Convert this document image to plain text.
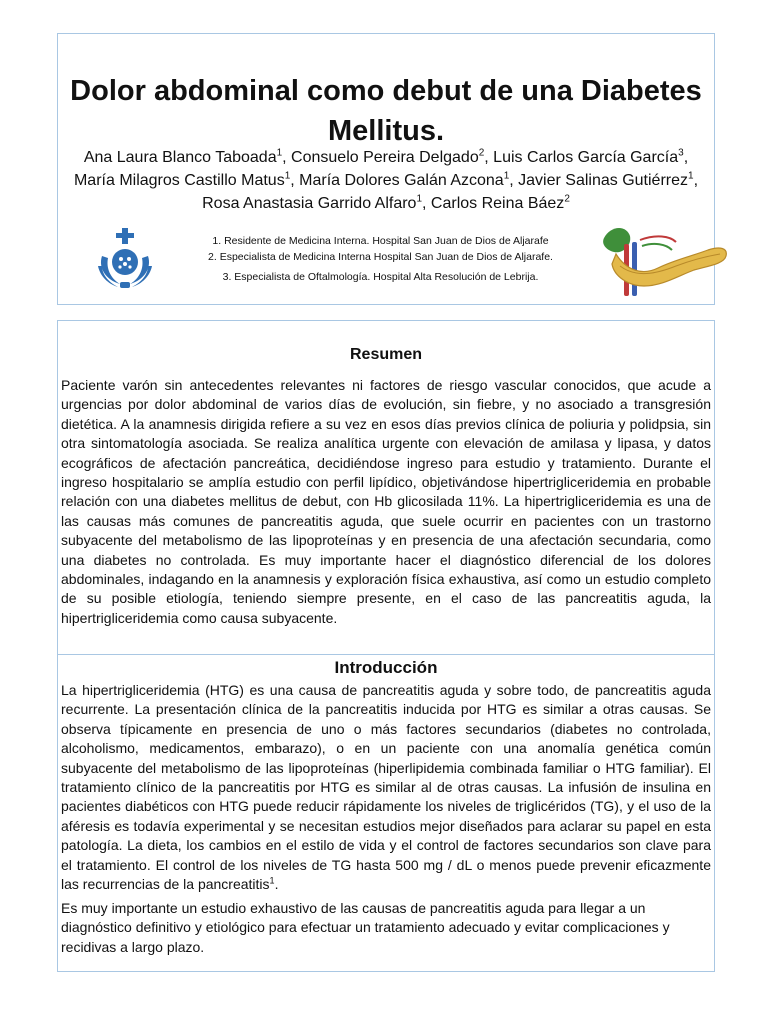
Dolor abdominal como debut de una Diabetes Mellitus.
Ana Laura Blanco Taboada$^1$, Consuelo Pereira Delgado$^2$, Luis Carlos García García$^3$, María Milagros Castillo Matus$^1$, María Dolores Galán Azcona$^1$, Javier Salinas Gutiérrez$^1$, Rosa Anastasia Garrido Alfaro$^1$, Carlos Reina Báez$^2$
1. Residente de Medicina Interna. Hospital San Juan de Dios de Aljarafe
2. Especialista de Medicina Interna Hospital San Juan de Dios de Aljarafe.
3. Especialista de Oftalmología. Hospital Alta Resolución de Lebrija.
Resumen
Paciente varón sin antecedentes relevantes ni factores de riesgo vascular conocidos, que acude a urgencias por dolor abdominal de varios días de evolución, sin fiebre, y no asociado a transgresión dietética. A la anamnesis dirigida refiere a su vez en esos días previos clínica de poliuria y polidpsia, sin otra sintomatología asociada. Se realiza analítica urgente con elevación de amilasa y lipasa, y datos ecográficos de afectación pancreática, decidiéndose ingreso para estudio y tratamiento. Durante el ingreso hospitalario se amplía estudio con perfil lipídico, objetivándose hipertrigliceridemia en probable relación con una diabetes mellitus de debut, con Hb glicosilada 11%. La hipertrigliceridemia es una de las causas más comunes de pancreatitis aguda, que suele ocurrir en pacientes con un trastorno subyacente del metabolismo de las lipoproteínas y en presencia de una afectación secundaria, como una diabetes no controlada. Es muy importante hacer el diagnóstico diferencial de los dolores abdominales, indagando en la anamnesis y exploración física exhaustiva, así como un estudio completo de su posible etiología, teniendo siempre presente, en el caso de las pancreatitis aguda, la hipertrigliceridemia como causa subyacente.
Introducción
La hipertrigliceridemia (HTG) es una causa de pancreatitis aguda y sobre todo, de pancreatitis aguda recurrente. La presentación clínica de la pancreatitis inducida por HTG es similar a otras causas. Se observa típicamente en presencia de uno o más factores secundarios (diabetes no controlada, alcoholismo, medicamentos, embarazo), o en un paciente con una anomalía genética común subyacente del metabolismo de las lipoproteínas (hiperlipidemia combinada familiar o HTG familiar). El tratamiento clínico de la pancreatitis por HTG es similar al de otras causas. La infusión de insulina en pacientes diabéticos con HTG puede reducir rápidamente los niveles de triglicéridos (TG), y el uso de la aféresis es todavía experimental y se necesitan estudios mejor diseñados para aclarar su papel en esta patología. La dieta, los cambios en el estilo de vida y el control de factores secundarios son clave para el tratamiento. El control de los niveles de TG hasta 500 mg / dL o menos puede prevenir eficazmente las recurrencias de la pancreatitis$^1$.
Es muy importante un estudio exhaustivo de las causas de pancreatitis aguda para llegar a un diagnóstico definitivo y etiológico para efectuar un tratamiento adecuado y evitar complicaciones y recidivas a largo plazo.
